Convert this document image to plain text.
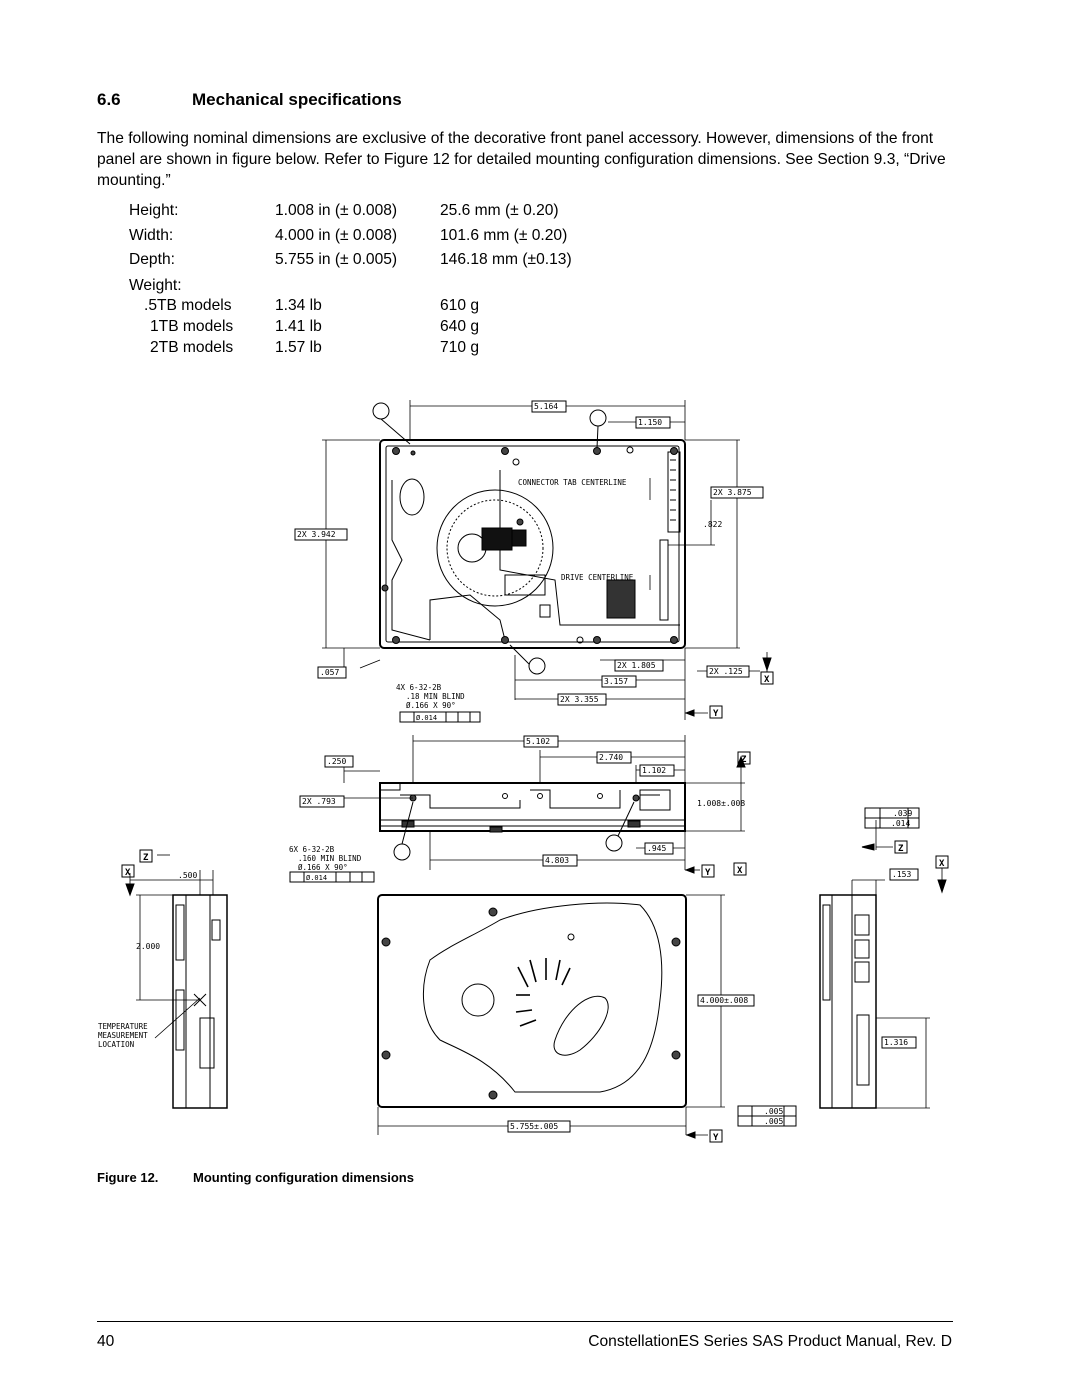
6.6	Mechanical specifications

The following nominal dimensions are exclusive of the decorative front panel accessory. However, dimensions of the front panel are shown in figure below. Refer to Figure 12 for detailed mounting configuration dimensions. See Section 9.3, “Drive mounting.”

Height:	1.008 in (± 0.008)	25.6 mm (± 0.20)
Width:	4.000 in (± 0.008)	101.6 mm (± 0.20)
Depth:	5.755 in (± 0.005)	146.18 mm (±0.13)
Weight:
.5TB models	1.34 lb	610 g
1TB models	1.41 lb	640 g
2TB models	1.57 lb	710 g
5.164
1.150
2X 3.875
.822
2X 3.942
.057
2X 1.805
2X .125
3.157
2X 3.355
5.102
2.740
1.102
.250
2X .793	1.008±.008
4.803
.945
.500
2.000
.153
.039
.014
4.000±.008
1.316
5.755±.005
.005
.005
CONNECTOR TAB CENTERLINE
DRIVE CENTERLINE
4X 6-32-2B
.18 MIN BLIND
Ø.166 X 90°
Ø.014
6X 6-32-2B
.160 MIN BLIND
Ø.166 X 90°
Ø.014
TEMPERATURE
MEASUREMENT
LOCATION
X
Y
Z
Y	X
Y
Z
X
Z
X
Figure 12.	Mounting configuration dimensions
40	ConstellationES Series SAS Product Manual, Rev. D
